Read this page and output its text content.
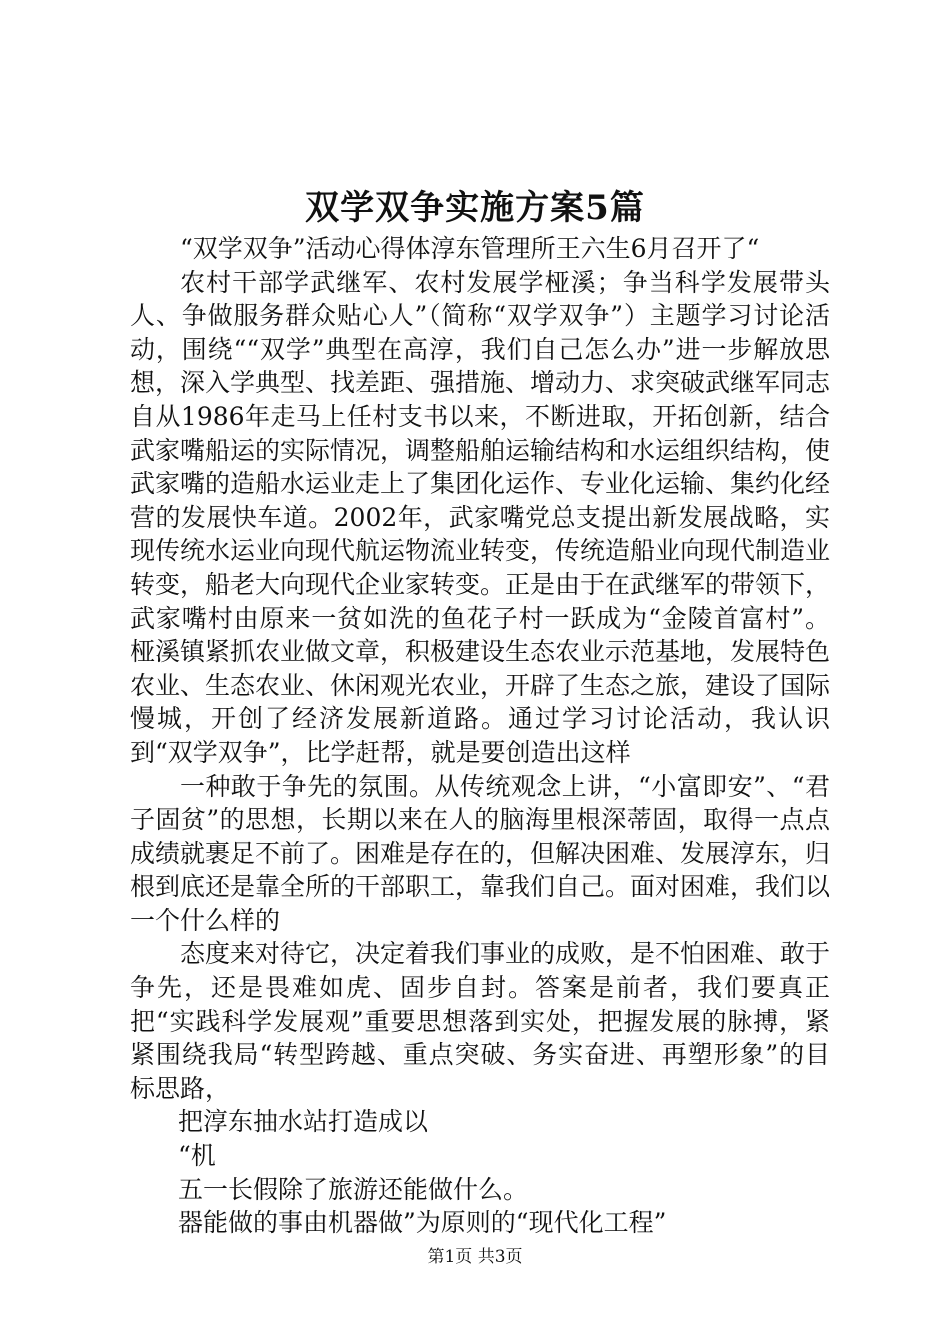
双学双争实施方案5篇

“双学双争”活动心得体淳东管理所王六生6月召开了“

农村干部学武继军、农村发展学桠溪；争当科学发展带头人、争做服务群众贴心人”（简称“双学双争”）主题学习讨论活动，围绕““双学”典型在高淳，我们自己怎么办”进一步解放思想，深入学典型、找差距、强措施、增动力、求突破武继军同志自从1986年走马上任村支书以来，不断进取，开拓创新，结合武家嘴船运的实际情况，调整船舶运输结构和水运组织结构，使武家嘴的造船水运业走上了集团化运作、专业化运输、集约化经营的发展快车道。2002年，武家嘴党总支提出新发展战略，实现传统水运业向现代航运物流业转变，传统造船业向现代制造业转变，船老大向现代企业家转变。正是由于在武继军的带领下，武家嘴村由原来一贫如洗的鱼花子村一跃成为“金陵首富村”。桠溪镇紧抓农业做文章，积极建设生态农业示范基地，发展特色农业、生态农业、休闲观光农业，开辟了生态之旅，建设了国际慢城，开创了经济发展新道路。通过学习讨论活动，我认识到“双学双争”，比学赶帮，就是要创造出这样

一种敢于争先的氛围。从传统观念上讲，“小富即安”、“君子固贫”的思想，长期以来在人的脑海里根深蒂固，取得一点点成绩就裹足不前了。困难是存在的，但解决困难、发展淳东，归根到底还是靠全所的干部职工，靠我们自己。面对困难，我们以一个什么样的

态度来对待它，决定着我们事业的成败，是不怕困难、敢于争先，还是畏难如虎、固步自封。答案是前者，我们要真正把“实践科学发展观”重要思想落到实处，把握发展的脉搏，紧紧围绕我局“转型跨越、重点突破、务实奋进、再塑形象”的目标思路，

把淳东抽水站打造成以

“机

五一长假除了旅游还能做什么。

器能做的事由机器做”为原则的“现代化工程”

第1页 共3页
